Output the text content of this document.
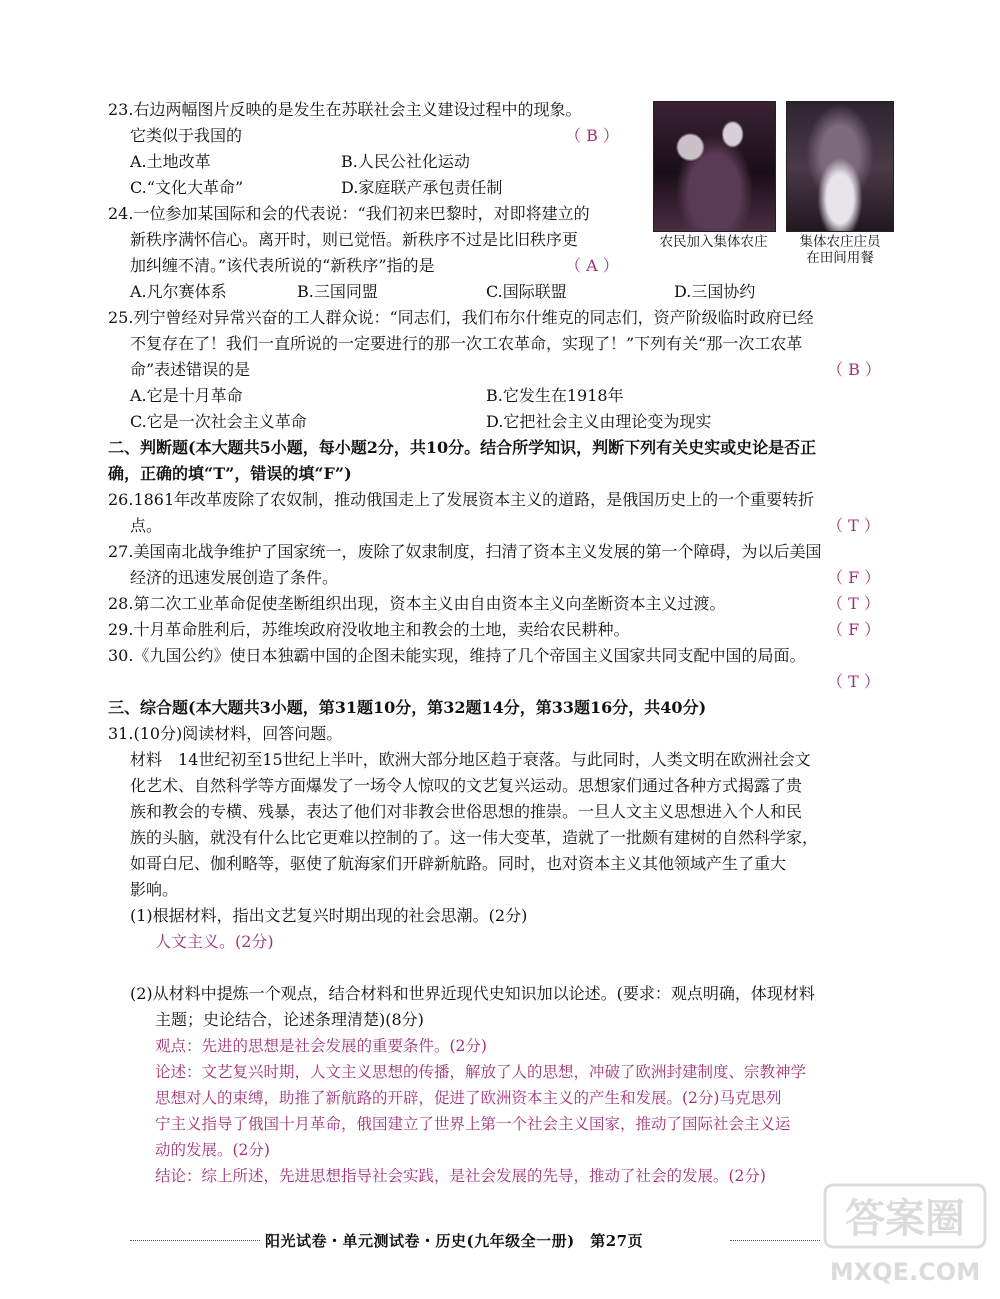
23.右边两幅图片反映的是发生在苏联社会主义建设过程中的现象。
它类似于我国的	（ B ）
A.土地改革	B.人民公社化运动
C.“文化大革命”	D.家庭联产承包责任制
农民加入集体农庄	集体农庄庄员
在田间用餐
24.一位参加某国际和会的代表说：“我们初来巴黎时，对即将建立的
新秩序满怀信心。离开时，则已觉悟。新秩序不过是比旧秩序更
加纠缠不清。”该代表所说的“新秩序”指的是	（ A ）
A.凡尔赛体系	B.三国同盟	C.国际联盟	D.三国协约
25.列宁曾经对异常兴奋的工人群众说：“同志们，我们布尔什维克的同志们，资产阶级临时政府已经
不复存在了！我们一直所说的一定要进行的那一次工农革命，实现了！”下列有关“那一次工农革
命”表述错误的是	（ B ）
A.它是十月革命	B.它发生在1918年
C.它是一次社会主义革命	D.它把社会主义由理论变为现实
二、判断题(本大题共5小题，每小题2分，共10分。结合所学知识，判断下列有关史实或史论是否正
确，正确的填“T”，错误的填“F”)
26.1861年改革废除了农奴制，推动俄国走上了发展资本主义的道路，是俄国历史上的一个重要转折
点。	（ T ）
27.美国南北战争维护了国家统一，废除了奴隶制度，扫清了资本主义发展的第一个障碍，为以后美国
经济的迅速发展创造了条件。	（ F ）
28.第二次工业革命促使垄断组织出现，资本主义由自由资本主义向垄断资本主义过渡。	（ T ）
29.十月革命胜利后，苏维埃政府没收地主和教会的土地，卖给农民耕种。	（ F ）
30.《九国公约》使日本独霸中国的企图未能实现，维持了几个帝国主义国家共同支配中国的局面。
（ T ）
三、综合题(本大题共3小题，第31题10分，第32题14分，第33题16分，共40分)
31.(10分)阅读材料，回答问题。
材料　14世纪初至15世纪上半叶，欧洲大部分地区趋于衰落。与此同时，人类文明在欧洲社会文
化艺术、自然科学等方面爆发了一场令人惊叹的文艺复兴运动。思想家们通过各种方式揭露了贵
族和教会的专横、残暴，表达了他们对非教会世俗思想的推崇。一旦人文主义思想进入个人和民
族的头脑，就没有什么比它更难以控制的了。这一伟大变革，造就了一批颇有建树的自然科学家，
如哥白尼、伽利略等，驱使了航海家们开辟新航路。同时，也对资本主义其他领域产生了重大
影响。
(1)根据材料，指出文艺复兴时期出现的社会思潮。(2分)
人文主义。(2分)
(2)从材料中提炼一个观点，结合材料和世界近现代史知识加以论述。(要求：观点明确，体现材料
主题；史论结合，论述条理清楚)(8分)
观点：先进的思想是社会发展的重要条件。(2分)
论述：文艺复兴时期，人文主义思想的传播，解放了人的思想，冲破了欧洲封建制度、宗教神学
思想对人的束缚，助推了新航路的开辟，促进了欧洲资本主义的产生和发展。(2分)马克思列
宁主义指导了俄国十月革命，俄国建立了世界上第一个社会主义国家，推动了国际社会主义运
动的发展。(2分)
结论：综上所述，先进思想指导社会实践，是社会发展的先导，推动了社会的发展。(2分)
阳光试卷・单元测试卷・历史(九年级全一册)　第27页	答案圈
MXQE.COM
